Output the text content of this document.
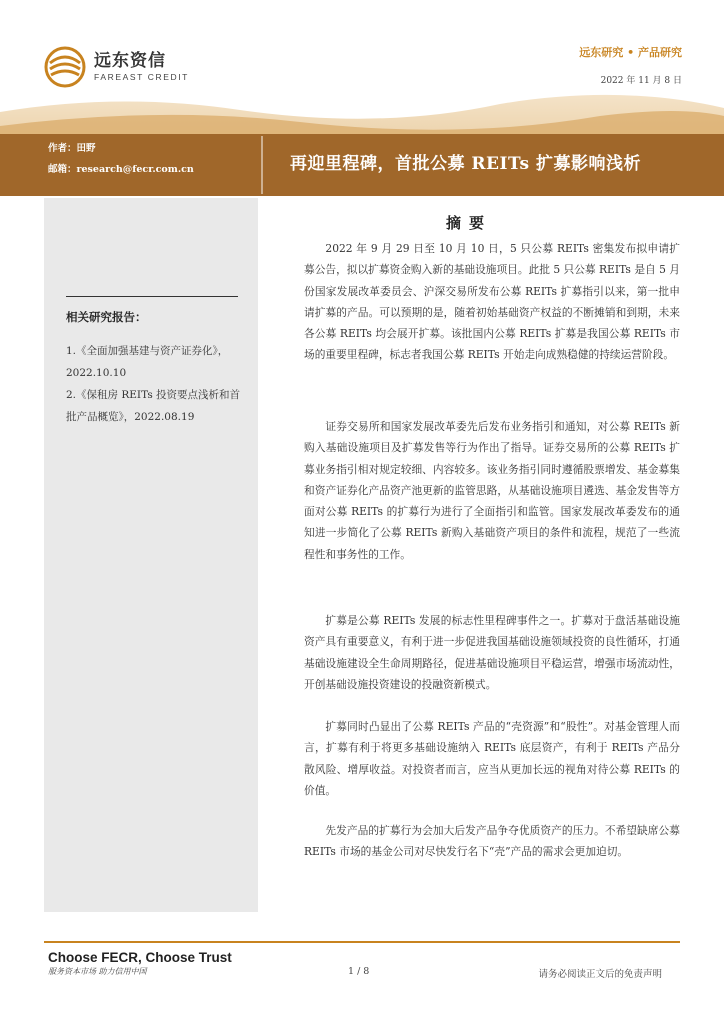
远东资信
FAREAST CREDIT
远东研究 • 产品研究
2022 年 11 月 8 日
作者：田野
邮箱：research@fecr.com.cn	再迎里程碑，首批公募 REITs 扩募影响浅析
相关研究报告：
1.《全面加强基建与资产证券化》，2022.10.10
2.《保租房 REITs 投资要点浅析和首批产品概览》，2022.08.19
摘要

2022 年 9 月 29 日至 10 月 10 日，5 只公募 REITs 密集发布拟申请扩募公告，拟以扩募资金购入新的基础设施项目。此批 5 只公募 REITs 是自 5 月份国家发展改革委员会、沪深交易所发布公募 REITs 扩募指引以来，第一批申请扩募的产品。可以预期的是，随着初始基础资产权益的不断摊销和到期，未来各公募 REITs 均会展开扩募。该批国内公募 REITs 扩募是我国公募 REITs 市场的重要里程碑，标志者我国公募 REITs 开始走向成熟稳健的持续运营阶段。

证券交易所和国家发展改革委先后发布业务指引和通知，对公募 REITs 新购入基础设施项目及扩募发售等行为作出了指导。证券交易所的公募 REITs 扩募业务指引相对规定较细、内容较多。该业务指引同时遵循股票增发、基金募集和资产证券化产品资产池更新的监管思路，从基础设施项目遴选、基金发售等方面对公募 REITs 的扩募行为进行了全面指引和监管。国家发展改革委发布的通知进一步简化了公募 REITs 新购入基础资产项目的条件和流程，规范了一些流程性和事务性的工作。

扩募是公募 REITs 发展的标志性里程碑事件之一。扩募对于盘活基础设施资产具有重要意义，有利于进一步促进我国基础设施领域投资的良性循环，打通基础设施建设全生命周期路径，促进基础设施项目平稳运营，增强市场流动性，开创基础设施投资建设的投融资新模式。

扩募同时凸显出了公募 REITs 产品的“壳资源”和“股性”。对基金管理人而言，扩募有利于将更多基础设施纳入 REITs 底层资产，有利于 REITs 产品分散风险、增厚收益。对投资者而言，应当从更加长远的视角对待公募 REITs 的价值。

先发产品的扩募行为会加大后发产品争夺优质资产的压力。不希望缺席公募 REITs 市场的基金公司对尽快发行名下“壳”产品的需求会更加迫切。

Choose FECR, Choose Trust
服务资本市场 助力信用中国	1 / 8	请务必阅读正文后的免责声明
